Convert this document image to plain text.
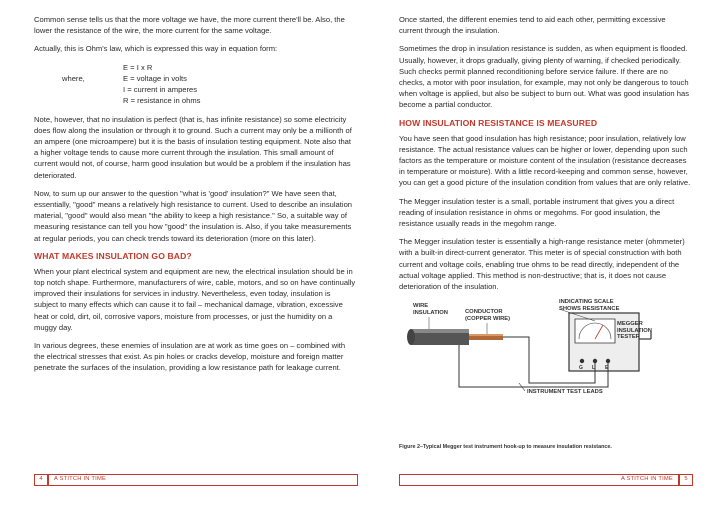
Common sense tells us that the more voltage we have, the more current there'll be. Also, the lower the resistance of the wire, the more current for the same voltage.

Actually, this is Ohm's law, which is expressed this way in equation form:

E = I x R
where,	E = voltage in volts
I = current in amperes
R = resistance in ohms

Note, however, that no insulation is perfect (that is, has infinite resistance) so some electricity does flow along the insulation or through it to ground. Such a current may only be a millionth of an ampere (one microampere) but it is the basis of insulation testing equipment. Note also that a higher voltage tends to cause more current through the insulation. This small amount of current would not, of course, harm good insulation but would be a problem if the insulation has deteriorated.

Now, to sum up our answer to the question "what is 'good' insulation?" We have seen that, essentially, "good" means a relatively high resistance to current. Used to describe an insulation material, "good" would also mean "the ability to keep a high resistance." So, a suitable way of measuring resistance can tell you how "good" the insulation is. Also, if you take measurements at regular periods, you can check trends toward its deterioration (more on this later).

WHAT MAKES INSULATION GO BAD?

When your plant electrical system and equipment are new, the electrical insulation should be in top notch shape. Furthermore, manufacturers of wire, cable, motors, and so on have continually improved their insulations for services in industry. Nevertheless, even today, insulation is subject to many effects which can cause it to fail – mechanical damage, vibration, excessive heat or cold, dirt, oil, corrosive vapors, moisture from processes, or just the humidity on a muggy day.

In various degrees, these enemies of insulation are at work as time goes on – combined with the electrical stresses that exist. As pin holes or cracks develop, moisture and foreign matter penetrate the surfaces of the insulation, providing a low resistance path for leakage current.

Once started, the different enemies tend to aid each other, permitting excessive current through the insulation.

Sometimes the drop in insulation resistance is sudden, as when equipment is flooded. Usually, however, it drops gradually, giving plenty of warning, if checked periodically. Such checks permit planned reconditioning before service failure. If there are no checks, a motor with poor insulation, for example, may not only be dangerous to touch when voltage is applied, but also be subject to burn out. What was good insulation has become a partial conductor.

HOW INSULATION RESISTANCE IS MEASURED

You have seen that good insulation has high resistance; poor insulation, relatively low resistance. The actual resistance values can be higher or lower, depending upon such factors as the temperature or moisture content of the insulation (resistance decreases in temperature or moisture). With a little record-keeping and common sense, however, you can get a good picture of the insulation condition from values that are only relative.

The Megger insulation tester is a small, portable instrument that gives you a direct reading of insulation resistance in ohms or megohms. For good insulation, the resistance usually reads in the megohm range.

The Megger insulation tester is essentially a high-range resistance meter (ohmmeter) with a built-in direct-current generator. This meter is of special construction with both current and voltage coils, enabling true ohms to be read directly, independent of the actual voltage applied. This method is non-destructive; that is, it does not cause deterioration of the insulation.

WIRE
INSULATION	CONDUCTOR
(COPPER WIRE)
INDICATING SCALE
SHOWS RESISTANCE
MEGGER
INSULATION
TESTER
G L E
INSTRUMENT TEST LEADS
Figure 2–Typical Megger test instrument hook-up to measure insulation resistance.
4	A STITCH IN TIME	A STITCH IN TIME	5
